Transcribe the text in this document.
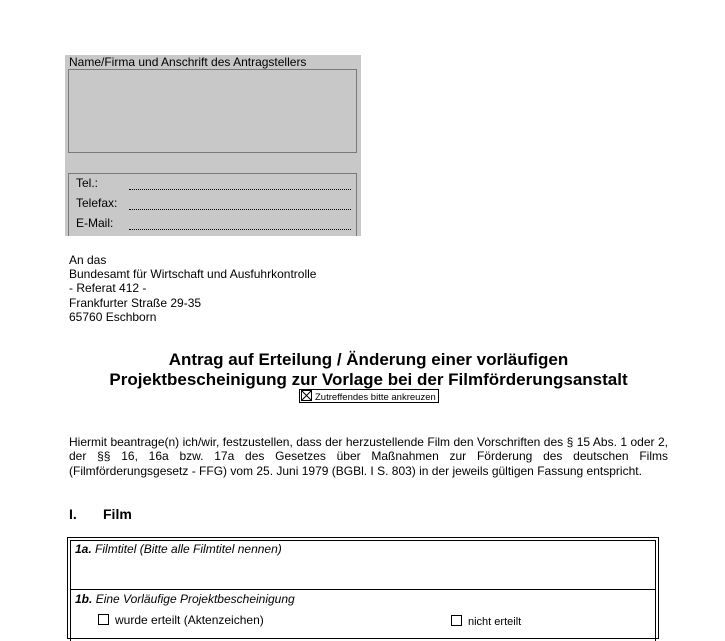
Name/Firma und Anschrift des Antragstellers
Tel.:
Telefax:
E-Mail:
An das
Bundesamt für Wirtschaft und Ausfuhrkontrolle
- Referat 412 -
Frankfurter Straße 29-35
65760 Eschborn
Antrag auf Erteilung / Änderung einer vorläufigen
Projektbescheinigung zur Vorlage bei der Filmförderungsanstalt
Zutreffendes bitte ankreuzen
Hiermit beantrage(n) ich/wir, festzustellen, dass der herzustellende Film den Vorschriften des § 15 Abs. 1 oder 2, der §§ 16, 16a bzw. 17a des Gesetzes über Maßnahmen zur Förderung des deutschen Films (Filmförderungsgesetz - FFG) vom 25. Juni 1979 (BGBl. I S. 803) in der jeweils gültigen Fassung entspricht.
I. Film
1a. Filmtitel (Bitte alle Filmtitel nennen)
1b. Eine Vorläufige Projektbescheinigung
wurde erteilt (Aktenzeichen)	nicht erteilt
